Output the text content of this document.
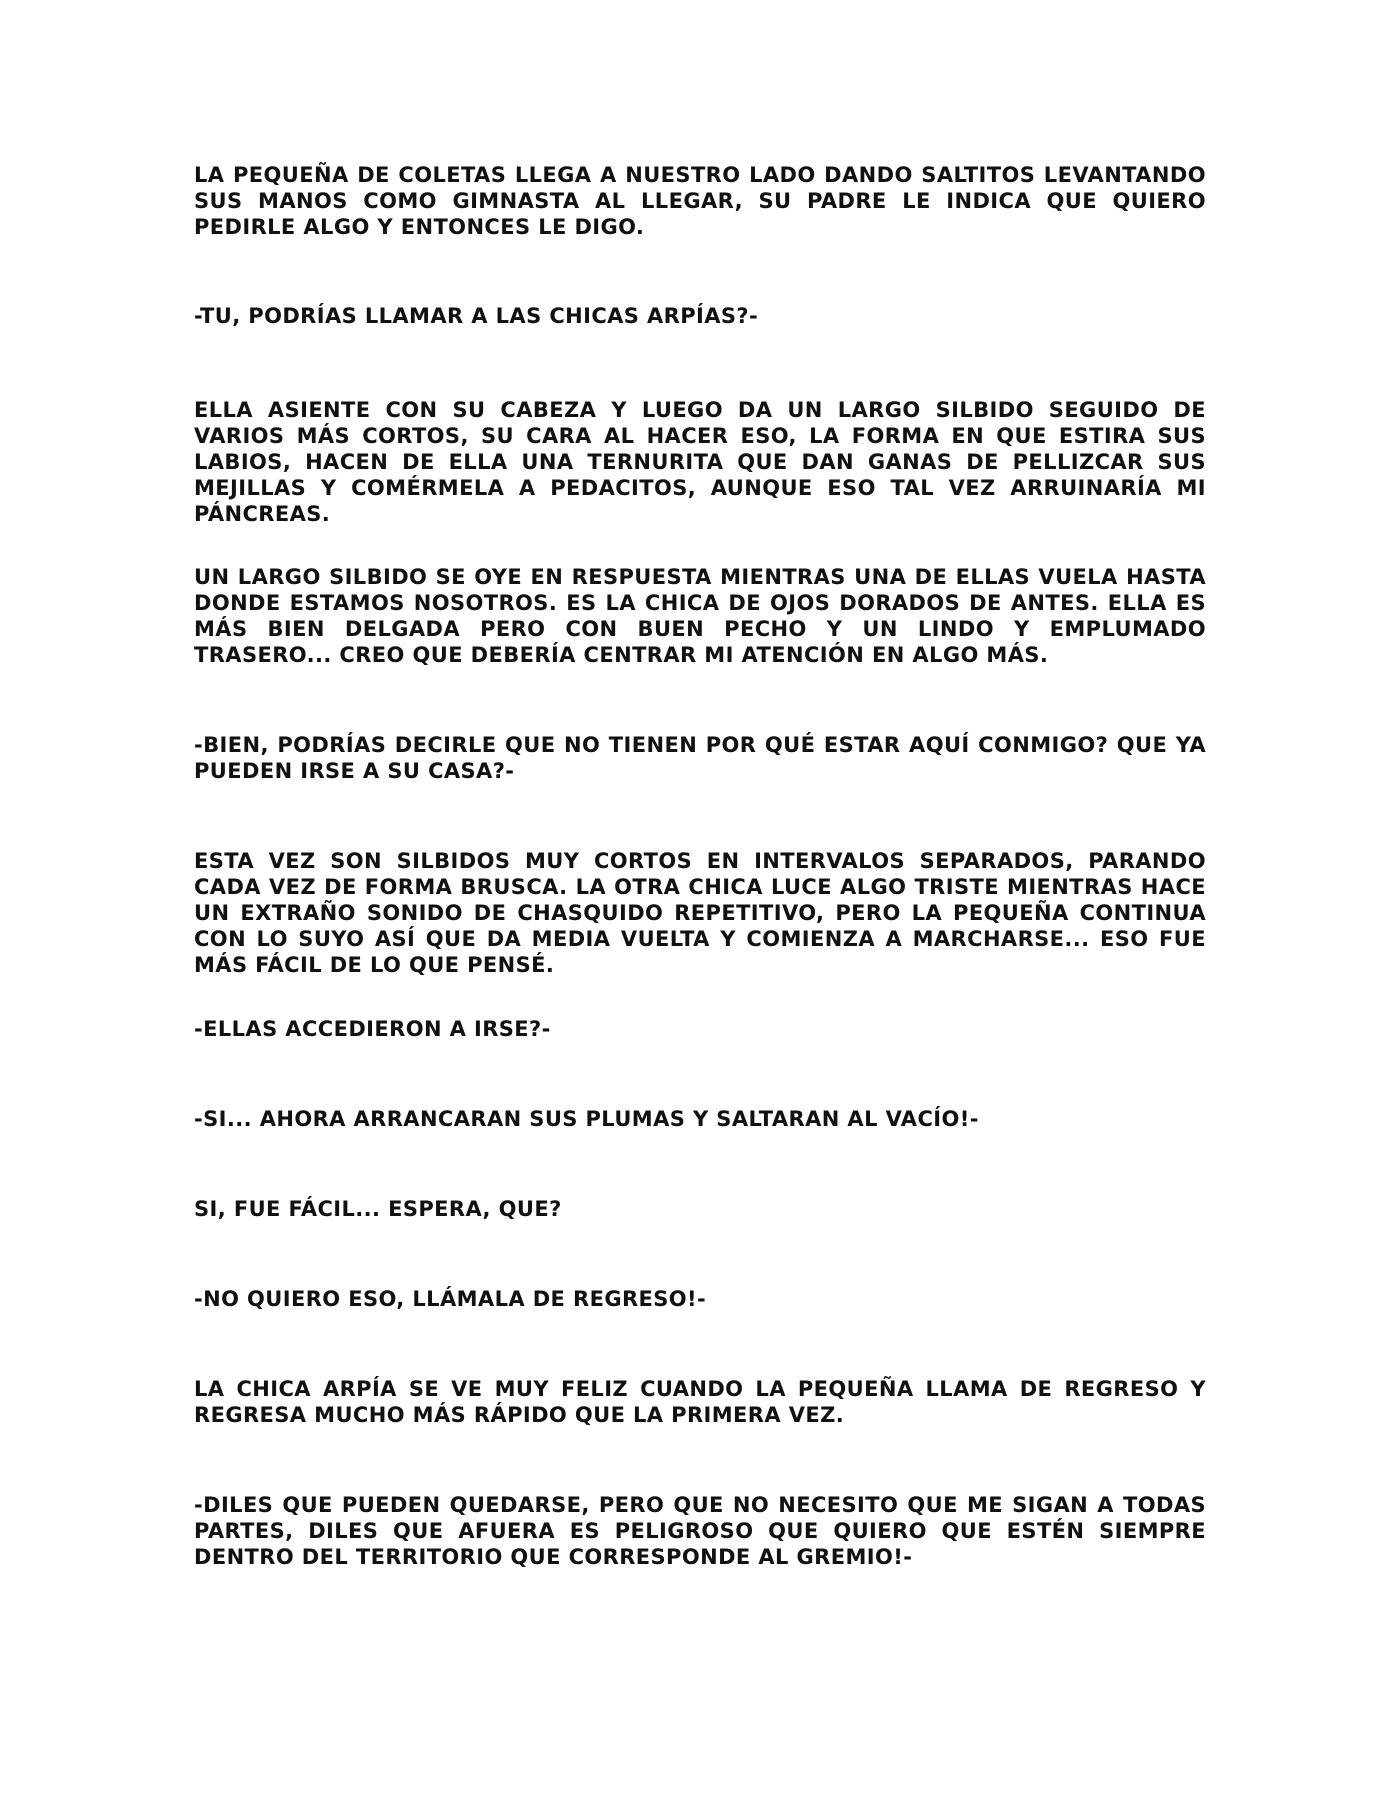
LA PEQUEÑA DE COLETAS LLEGA A NUESTRO LADO DANDO SALTITOS LEVANTANDO SUS MANOS COMO GIMNASTA AL LLEGAR, SU PADRE LE INDICA QUE QUIERO PEDIRLE ALGO Y ENTONCES LE DIGO.

-TU, PODRÍAS LLAMAR A LAS CHICAS ARPÍAS?-

ELLA ASIENTE CON SU CABEZA Y LUEGO DA UN LARGO SILBIDO SEGUIDO DE VARIOS MÁS CORTOS, SU CARA AL HACER ESO, LA FORMA EN QUE ESTIRA SUS LABIOS, HACEN DE ELLA UNA TERNURITA QUE DAN GANAS DE PELLIZCAR SUS MEJILLAS Y COMÉRMELA A PEDACITOS, AUNQUE ESO TAL VEZ ARRUINARÍA MI PÁNCREAS.

UN LARGO SILBIDO SE OYE EN RESPUESTA MIENTRAS UNA DE ELLAS VUELA HASTA DONDE ESTAMOS NOSOTROS. ES LA CHICA DE OJOS DORADOS DE ANTES. ELLA ES MÁS BIEN DELGADA PERO CON BUEN PECHO Y UN LINDO Y EMPLUMADO TRASERO... CREO QUE DEBERÍA CENTRAR MI ATENCIÓN EN ALGO MÁS.

-BIEN, PODRÍAS DECIRLE QUE NO TIENEN POR QUÉ ESTAR AQUÍ CONMIGO? QUE YA PUEDEN IRSE A SU CASA?-

ESTA VEZ SON SILBIDOS MUY CORTOS EN INTERVALOS SEPARADOS, PARANDO CADA VEZ DE FORMA BRUSCA. LA OTRA CHICA LUCE ALGO TRISTE MIENTRAS HACE UN EXTRAÑO SONIDO DE CHASQUIDO REPETITIVO, PERO LA PEQUEÑA CONTINUA CON LO SUYO ASÍ QUE DA MEDIA VUELTA Y COMIENZA A MARCHARSE... ESO FUE MÁS FÁCIL DE LO QUE PENSÉ.

-ELLAS ACCEDIERON A IRSE?-

-SI... AHORA ARRANCARAN SUS PLUMAS Y SALTARAN AL VACÍO!-

SI, FUE FÁCIL... ESPERA, QUE?

-NO QUIERO ESO, LLÁMALA DE REGRESO!-

LA CHICA ARPÍA SE VE MUY FELIZ CUANDO LA PEQUEÑA LLAMA DE REGRESO Y REGRESA MUCHO MÁS RÁPIDO QUE LA PRIMERA VEZ.

-DILES QUE PUEDEN QUEDARSE, PERO QUE NO NECESITO QUE ME SIGAN A TODAS PARTES, DILES QUE AFUERA ES PELIGROSO QUE QUIERO QUE ESTÉN SIEMPRE DENTRO DEL TERRITORIO QUE CORRESPONDE AL GREMIO!-
